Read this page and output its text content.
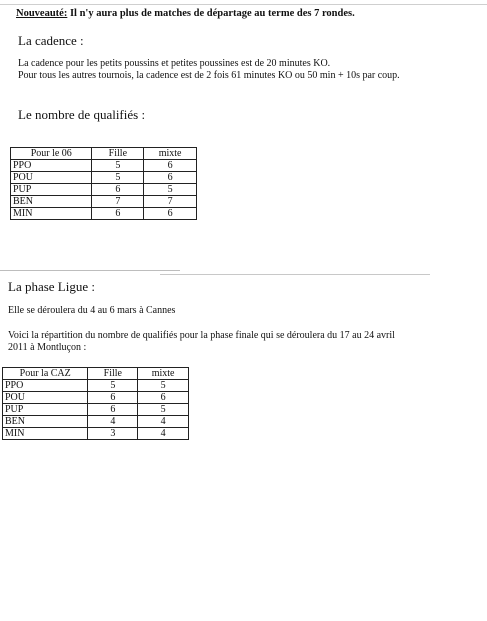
Nouveauté: Il n'y aura plus de matches de départage au terme des 7 rondes.
La cadence :
La cadence pour les petits poussins et petites poussines est de 20 minutes KO.
Pour tous les autres tournois, la cadence est de 2 fois 61 minutes KO ou 50 min + 10s par coup.
Le nombre de qualifiés :
Pour le 06	Fille	mixte
PPO	5	6
POU	5	6
PUP	6	5
BEN	7	7
MIN	6	6
La phase Ligue :
Elle se déroulera du 4 au 6 mars à Cannes
Voici la répartition du nombre de qualifiés pour la phase finale qui se déroulera du 17 au 24 avril 2011 à Montluçon :
Pour la CAZ	Fille	mixte
PPO	5	5
POU	6	6
PUP	6	5
BEN	4	4
MIN	3	4
